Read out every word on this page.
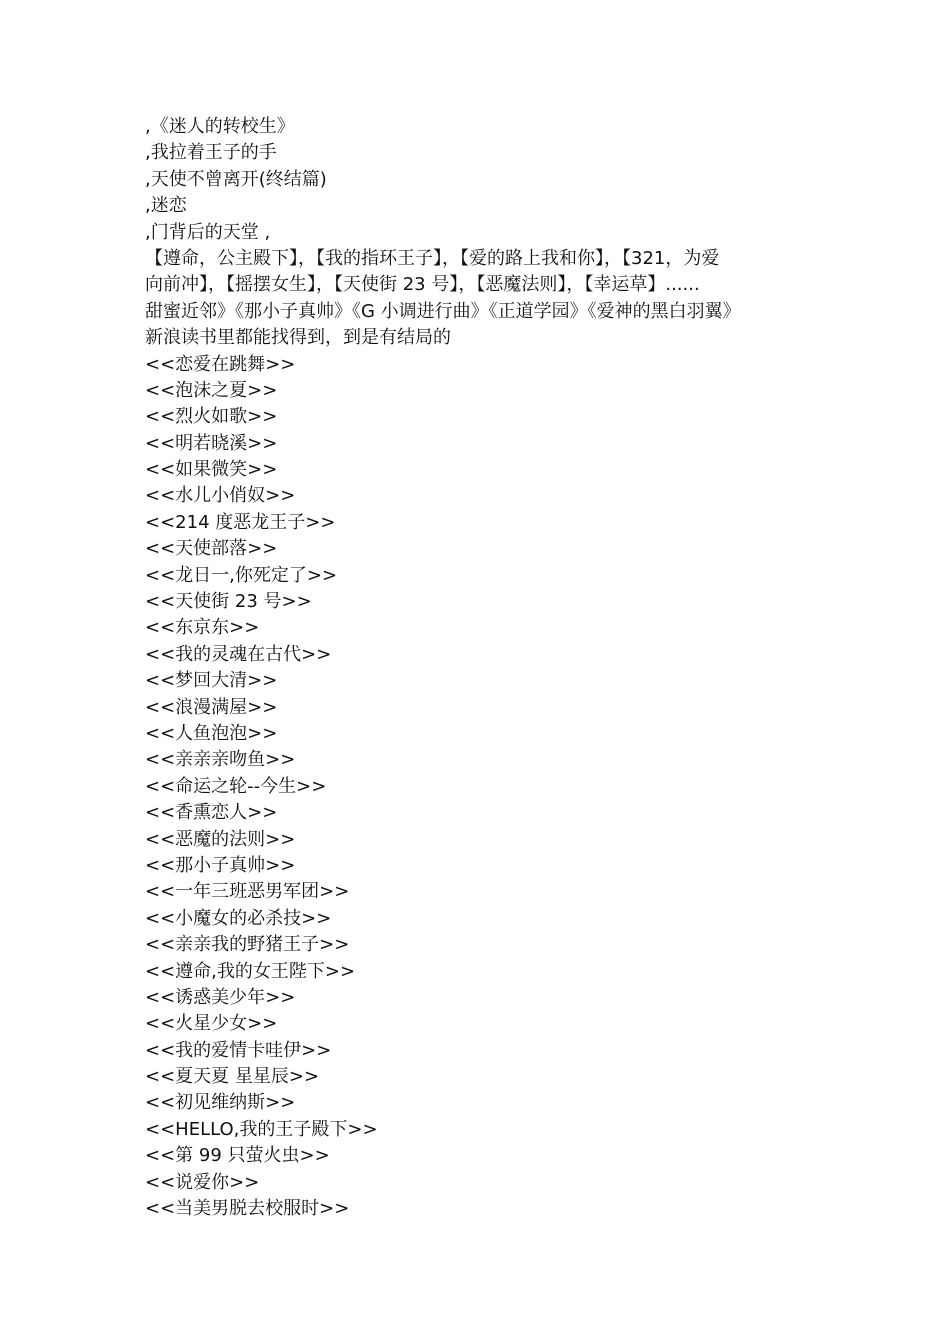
,《迷人的转校生》
,我拉着王子的手
,天使不曾离开(终结篇)
,迷恋
,门背后的天堂 ,
【遵命，公主殿下】，【我的指环王子】，【爱的路上我和你】，【321，为爱
向前冲】，【摇摆女生】，【天使街 23 号】，【恶魔法则】，【幸运草】......
甜蜜近邻》《那小子真帅》《G 小调进行曲》《正道学园》《爱神的黑白羽翼》
新浪读书里都能找得到，到是有结局的
<<恋爱在跳舞>>
<<泡沫之夏>>
<<烈火如歌>>
<<明若晓溪>>
<<如果微笑>>
<<水儿小俏奴>>
<<214 度恶龙王子>>
<<天使部落>>
<<龙日一,你死定了>>
<<天使街 23 号>>
<<东京东>>
<<我的灵魂在古代>>
<<梦回大清>>
<<浪漫满屋>>
<<人鱼泡泡>>
<<亲亲亲吻鱼>>
<<命运之轮--今生>>
<<香熏恋人>>
<<恶魔的法则>>
<<那小子真帅>>
<<一年三班恶男军团>>
<<小魔女的必杀技>>
<<亲亲我的野猪王子>>
<<遵命,我的女王陛下>>
<<诱惑美少年>>
<<火星少女>>
<<我的爱情卡哇伊>>
<<夏天夏 星星辰>>
<<初见维纳斯>>
<<HELLO,我的王子殿下>>
<<第 99 只萤火虫>>
<<说爱你>>
<<当美男脱去校服时>>
